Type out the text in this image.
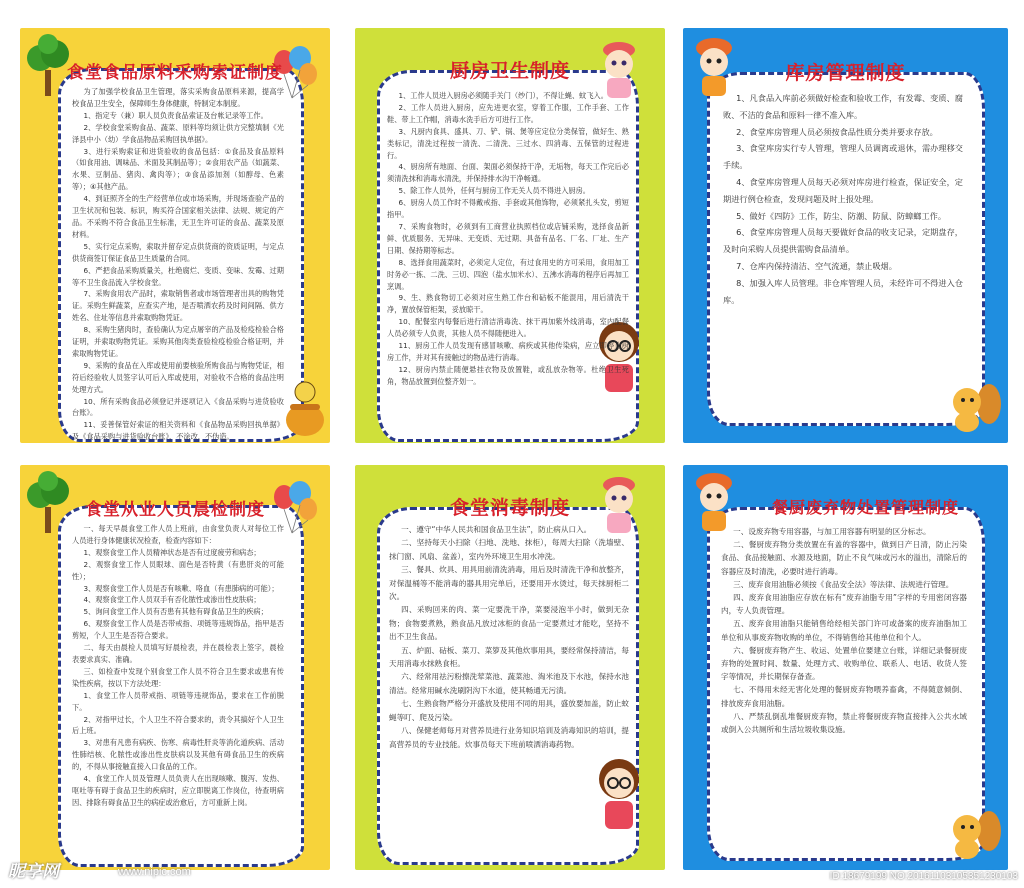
食堂食品原料采购索证制度

为了加强学校食品卫生管理，落实采购食品原料来源，提高学校食品卫生安全，保障师生身体健康，特制定本制度。

1、指定专（兼）职人员负责食品索证及台帐记录等工作。

2、学校食堂采购食品、蔬菜、原料等均须让供方完整填制《光泽县中小（幼）学食品物品采购回执单据》。

3、进行采购索证和进货验收的食品包括：①食品及食品原料（如食用油、调味品、米面及其制品等）；②食用农产品（如蔬菜、水果、豆制品、猪肉、禽肉等）；③食品添加剂（如醇母、色素等）；④其他产品。

4、到证照齐全的生产经营单位或市场采购，并现场查验产品的卫生状况和包装、标识，购买符合国家相关法律、法规、规定的产品。不采购不符合食品卫生标准，无卫生许可证的食品、蔬菜及原材料。

5、实行定点采购，索取并留存定点供货商的资质证明，与定点供货商签订保证食品卫生质量的合同。

6、严把食品采购质量关，杜绝腐烂、变质、变味、发霉、过期等不卫生食品流入学校食堂。

7、采购食用农产品时，索取销售者或市场管理者出具的购物凭证。采购生鲜蔬菜，应查实产地，是否喷洒农药及时间间隔、供方姓名、住址等信息并索取购物凭证。

8、采购生猪肉时，查验确认为定点屠宰的产品及检疫检验合格证明，并索取购物凭证。采购其他肉类查验检疫检验合格证明，并索取购物凭证。

9、采购的食品在入库或使用前要核验所购食品与购物凭证，相符后经验收人员签字认可后入库或使用，对验收不合格的食品注明处理方式。

10、所有采购食品必须登记并逐项记入《食品采购与进货验收台账》。

11、妥善保管好索证的相关资料和《食品物品采购回执单据》及《食品采购与进货验收台账》，不涂改，不伪造。

厨房卫生制度

1、工作人员进入厨房必须随手关门（纱门），不得让蝇、蚊飞入。

2、工作人员进入厨房，应先进更衣室，穿着工作服，工作手套、工作鞋、带上工作帽，消毒水洗手后方可进行工作。

3、凡厨内食具、盛具、刀、铲、锅、煲等应定位分类保管，做好生、熟类标记，清洗过程按一清洗、二清洗、三过水、四消毒、五保管的过程进行。

4、厨房所有地面、台面、架面必须保持干净，无垢物，每天工作完后必须清洗抹和消毒水清洗，并保持排水沟干净畅通。

5、除工作人员外，任何与厨房工作无关人员不得进入厨房。

6、厨房人员工作时不得戴戒指、手套或其他饰物，必须紧扎头发，剪短指甲。

7、采购食物时，必须到有工商营业执照档位或店铺采购，选择食品新鲜、优质服务、无异味、无变质、无过期、具备有品名、厂名、厂址、生产日期、保持期等标志。

8、选择食用蔬菜时，必须定人定位，有过食用史的方可采用，食用加工时务必一拣、二洗、三切、四泡（盐水加米水）、五沸水消毒的程序后再加工烹调。

9、生、熟食物切工必须对应生熟工作台和砧板不能混用，用后清洗干净，置放保管柜架，妥放晾干。

10、配餐室内每餐后进行清洁消毒洗、抹干再加紫外线消毒，室内配餐人员必须专人负责，其他人员不得随便进入。

11、厨房工作人员发现有感冒咳嗽、病疾或其他传染病，应立即停止厨房工作，并对其有接触过的物品进行消毒。

12、厨房内禁止随便悬挂衣物及放置鞋，或乱放杂物等。杜绝卫生死角，物品放置到位整齐划一。

库房管理制度

1、凡食品入库前必须做好检查和验收工作，有发霉、变质、腐败、不洁的食品和原料一律不准入库。

2、食堂库房管理人员必须按食品性质分类并要求存放。

3、食堂库房实行专人管理，管理人员调离或退休，需办理移交手续。

4、食堂库房管理人员每天必须对库房进行检查，保证安全，定期进行例仓检查，发现问题及时上报处理。

5、做好《四防》工作，防尘、防潮、防鼠、防蟑螂工作。

6、食堂库房管理人员每天要做好食品的收支记录，定期盘存，及时向采购人员提供需购食品清单。

7、仓库内保持清洁、空气流通，禁止吸烟。

8、加强入库人员管理。非仓库管理人员，未经许可不得进入仓库。

食堂从业人员晨检制度

一、每天早晨食堂工作人员上班前，由食堂负责人对每位工作人员进行身体健康状况检查，检查内容如下：

1、观察食堂工作人员精神状态是否有过度疲劳和病态；

2、观察食堂工作人员眼球、面色是否特黄（有患肝炎的可能性）；

3、观察食堂工作人员是否有咳嗽、咯血（有患肺病的可能）；

4、观察食堂工作人员双手有否化脓性或渗出性皮肤病；

5、询问食堂工作人员有否患有其他有碍食品卫生的疾病；

6、观察食堂工作人员是否带戒指、项链等违规饰品，指甲是否剪短，个人卫生是否符合要求。

二、每天由晨检人员填写好晨检表，并在晨检表上签字，晨检表要求真实、准确。

三、如检查中发现个别食堂工作人员不符合卫生要求或患有传染性疾病，按以下方法处理：

1、食堂工作人员带戒指、项链等违规饰品，要求在工作前脱下。

2、对指甲过长，个人卫生不符合要求的，责令其搞好个人卫生后上班。

3、对患有凡患有病疾、伤寒、病毒性肝炎等消化道疾病、活动性肺结核、化脓性或渗出性皮肤病以及其他有碍食品卫生的疾病的，不得从事接触直接入口食品的工作。

4、食堂工作人员及管理人员负责人在出现咳嗽、腹泻、发热、呕吐等有碍于食品卫生的疾病时，应立即脱离工作岗位，待查明病因、排除有碍食品卫生的病症或治愈后，方可重新上岗。

食堂消毒制度

一、遵守“中华人民共和国食品卫生法”，防止病从口入。

二、坚持每天小扫除（扫地、洗地、抹柜），每周大扫除（洗墙壁、抹门窗、风扇、盆盖），室内外环境卫生用水冲洗。

三、餐具、炊具、用具用前清洗消毒，用后及时清洗干净和放整齐，对保温桶等不能消毒的器具用完单后，还要用开水烫过，每天抹厨柜二次。

四、采购回来的肉、菜一定要洗干净，菜要浸泡半小时，做到无杂物；食物要煮熟，熟食品凡放过冰柜的食品一定要煮过才能吃，坚持不出不卫生食品。

五、炉面、砧板、菜刀、菜箩及其他炊事用具，要经常保持清洁，每天用消毒水抹熟食柜。

六、经常用祛污粉擦洗荤菜池、蔬菜池、淘米池及下水池，保持水池清洁。经常用碱水洗刷阴沟下水道，使其畅通无污渍。

七、生熟食物严格分开盛放及使用不同的用具，盛放要加盖，防止蚊蝇等叮、爬及污染。

八、保健老师每月对营养员进行业务知识培训及消毒知识的培训，提高营养员的专业技能。炊事员每天下班前喷洒消毒药物。

餐厨废弃物处置管理制度

一、设废弃物专用容器，与加工用容器有明显的区分标志。

二、餐厨废弃物分类放置在有盖的容器中，做到日产日清，防止污染食品、食品接触面、水源及地面，防止不良气味或污水的溢出，清除后的容器应及时清洗，必要时进行消毒。

三、废弃食用油脂必须按《食品安全法》等法律、法规进行管理。

四、废弃食用油脂应存放在标有“废弃油脂专用”字样的专用密闭容器内，专人负责管理。

五、废弃食用油脂只能销售给经相关部门许可或备案的废弃油脂加工单位和从事废弃物收购的单位，不得销售给其他单位和个人。

六、餐厨废弃物产生、收运、处置单位要建立台账，详细记录餐厨废弃物的处置时间、数量、处理方式、收购单位、联系人、电话、收货人签字等情况，并长期保存备查。

七、不得用未经无害化处理的餐厨废弃物喂养畜禽，不得随意倾倒、排放废弃食用油脂。

八、严禁乱倒乱堆餐厨废弃物，禁止将餐厨废弃物直接排入公共水域或倒入公共厕所和生活垃圾收集设施。

昵享网	www.nipic.com	ID:18679199 NO:20161103105351230103
